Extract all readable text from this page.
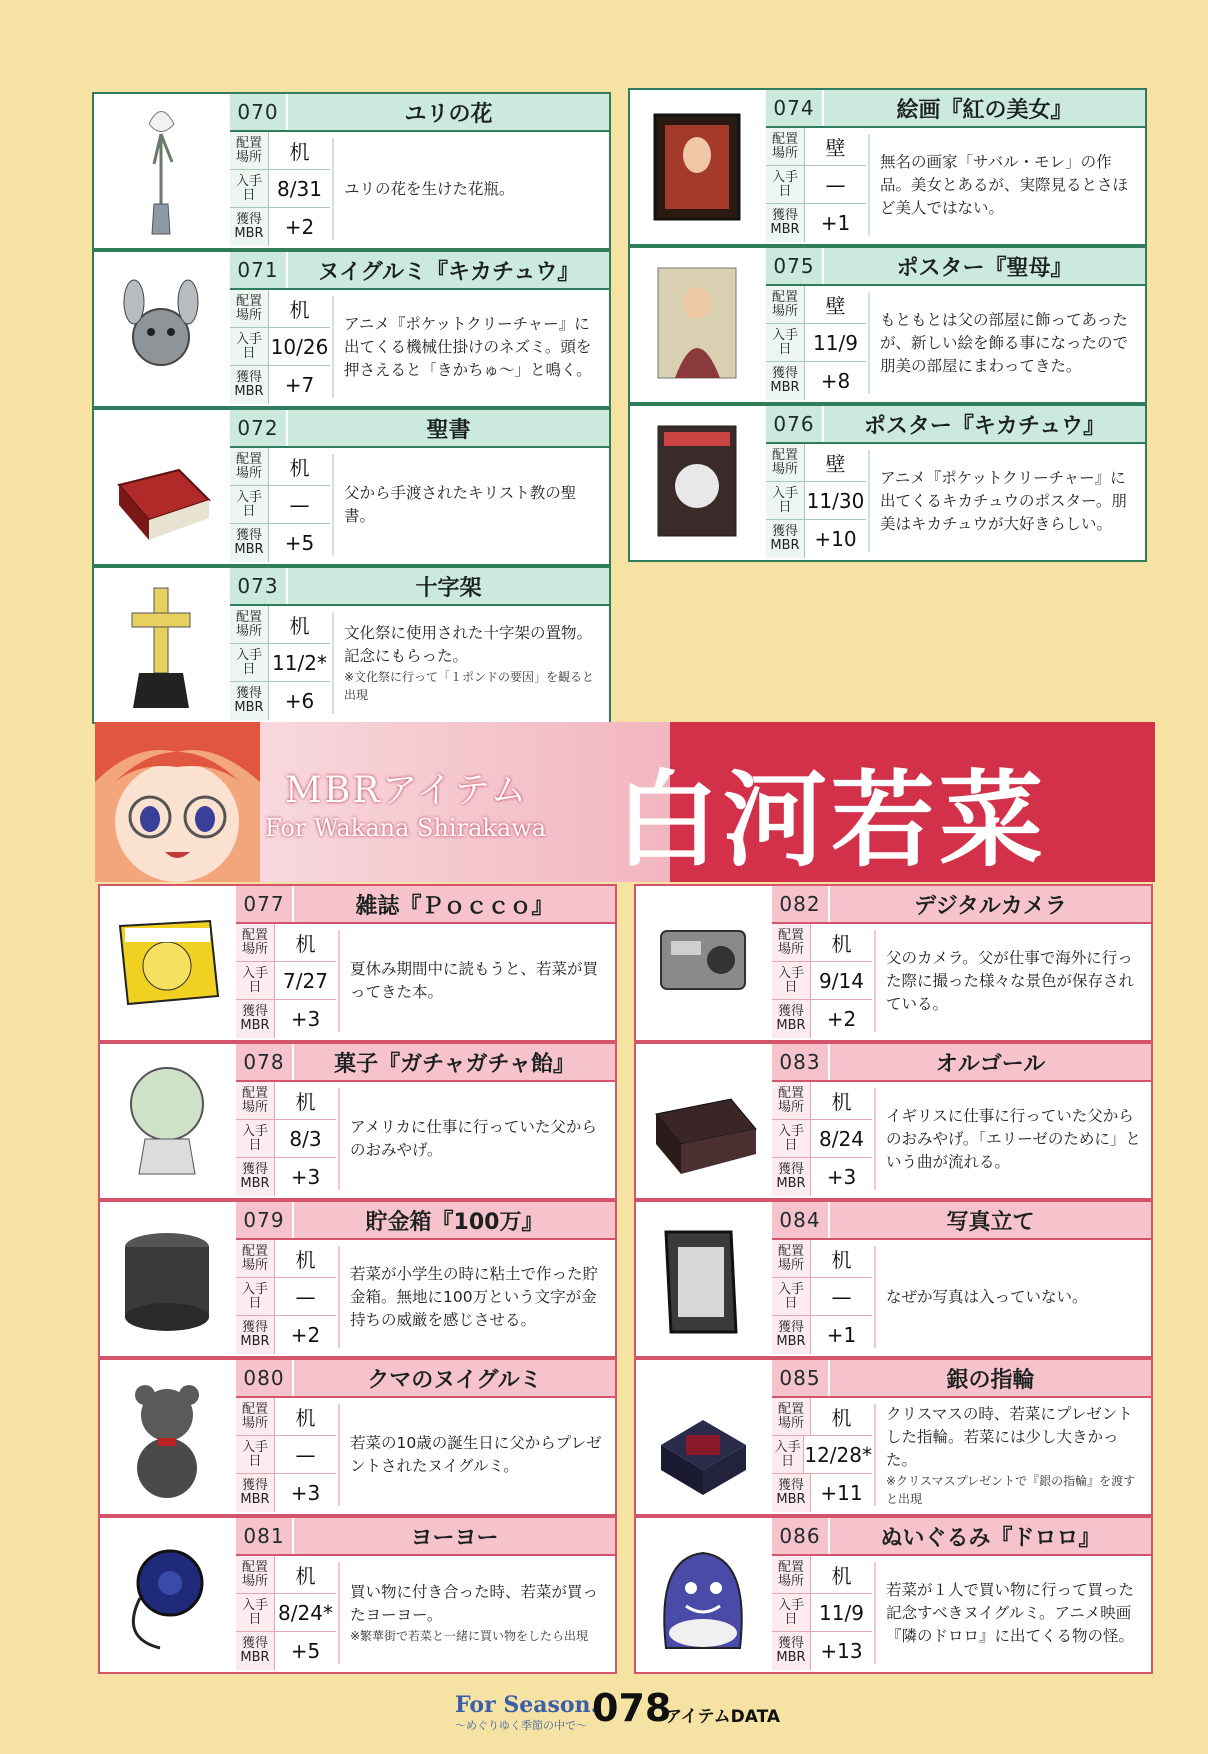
070	ユリの花
配置場所	机
入手日	8/31
獲得MBR	+2
ユリの花を生けた花瓶。
071	ヌイグルミ『キカチュウ』
配置場所	机
入手日 10/26
獲得MBR	+7
アニメ『ポケットクリーチャー』に出てくる機械仕掛けのネズミ。頭を押さえると「きかちゅ〜」と鳴く。
072	聖書
配置場所	机
入手日	—
獲得MBR	+5
父から手渡されたキリスト教の聖書。
073	十字架
配置場所	机
入手日 11/2*
獲得MBR	+6
文化祭に使用された十字架の置物。記念にもらった。
※文化祭に行って「１ポンドの要因」を観ると出現
074	絵画『紅の美女』
配置場所	壁
入手日	—
獲得MBR	+1
無名の画家「サバル・モレ」の作品。美女とあるが、実際見るとさほど美人ではない。
075	ポスター『聖母』
配置場所	壁
入手日	11/9
獲得MBR	+8
もともとは父の部屋に飾ってあったが、新しい絵を飾る事になったので朋美の部屋にまわってきた。
076	ポスター『キカチュウ』
配置場所	壁
入手日 11/30
獲得MBR +10
アニメ『ポケットクリーチャー』に出てくるキカチュウのポスター。朋美はキカチュウが大好きらしい。
077	雑誌『Ｐｏｃｃｏ』
配置場所	机
入手日	7/27
獲得MBR	+3
夏休み期間中に読もうと、若菜が買ってきた本。
078	菓子『ガチャガチャ飴』
配置場所	机
入手日	8/3
獲得MBR	+3
アメリカに仕事に行っていた父からのおみやげ。
079	貯金箱『100万』
配置場所	机
入手日	—
獲得MBR	+2
若菜が小学生の時に粘土で作った貯金箱。無地に100万という文字が金持ちの威厳を感じさせる。
080	クマのヌイグルミ
配置場所	机
入手日	—
獲得MBR	+3
若菜の10歳の誕生日に父からプレゼントされたヌイグルミ。
081	ヨーヨー
配置場所	机
入手日 8/24*
獲得MBR	+5
買い物に付き合った時、若菜が買ったヨーヨー。
※繁華街で若菜と一緒に買い物をしたら出現
082	デジタルカメラ
配置場所	机
入手日	9/14
獲得MBR	+2
父のカメラ。父が仕事で海外に行った際に撮った様々な景色が保存されている。
083	オルゴール
配置場所	机
入手日	8/24
獲得MBR	+3
イギリスに仕事に行っていた父からのおみやげ。「エリーゼのために」という曲が流れる。
084	写真立て
配置場所	机
入手日	—
獲得MBR	+1
なぜか写真は入っていない。
085	銀の指輪
配置場所	机
入手日 12/28*
獲得MBR +11
クリスマスの時、若菜にプレゼントした指輪。若菜には少し大きかった。
※クリスマスプレゼントで『銀の指輪』を渡すと出現
086	ぬいぐるみ『ドロロ』
配置場所	机
入手日	11/9
獲得MBR +13
若菜が１人で買い物に行って買った記念すべきヌイグルミ。アニメ映画『隣のドロロ』に出てくる物の怪。
MBRアイテム
For Wakana Shirakawa 白河若菜
For Season.
〜めぐりゆく季節の中で〜 078
アイテムDATA
